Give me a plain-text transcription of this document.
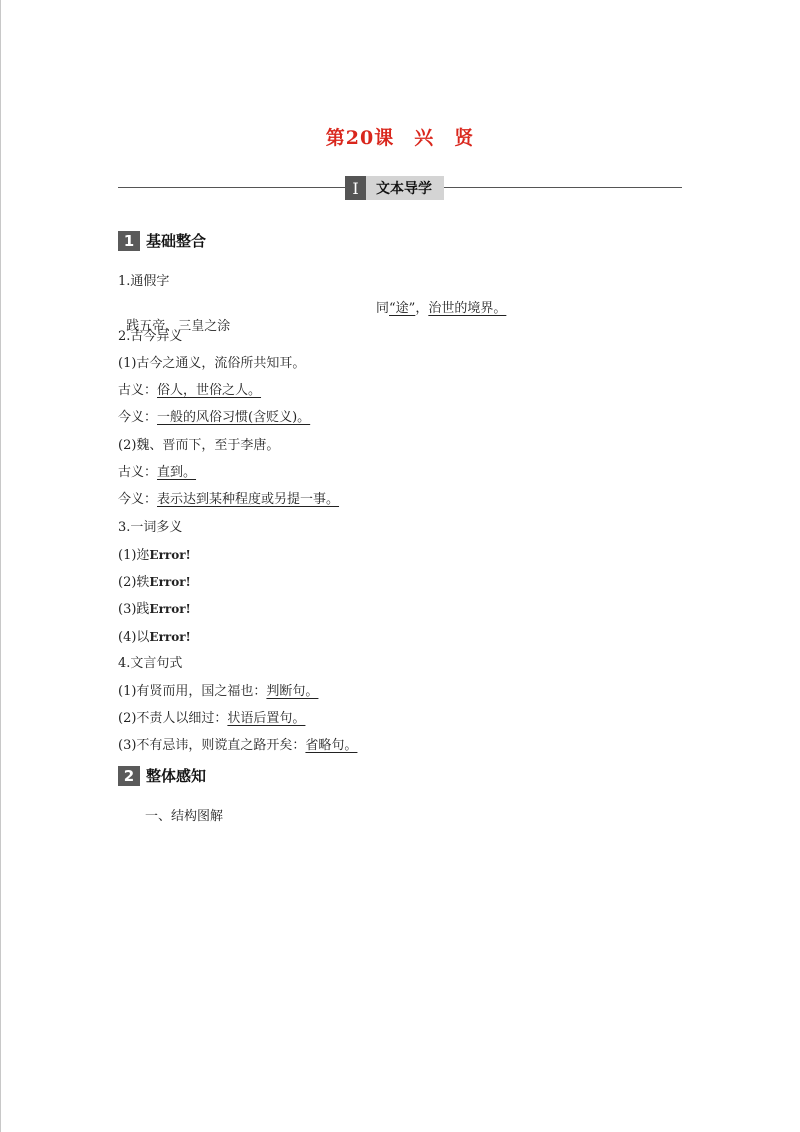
第20课　兴　贤
Ⅰ	文本导学
1 基础整合
1.通假字

践五帝、三皇之涂

同“途”，治世的境界。

2.古今异义
(1)古今之通义，流俗所共知耳。
古义：俗人，世俗之人。
今义：一般的风俗习惯(含贬义)。
(2)魏、晋而下，至于李唐。
古义：直到。
今义：表示达到某种程度或另提一事。
3.一词多义
(1)迩Error!
(2)轶Error!
(3)践Error!
(4)以Error!
4.文言句式
(1)有贤而用，国之福也：判断句。
(2)不责人以细过：状语后置句。
(3)不有忌讳，则谠直之路开矣：省略句。
2 整体感知
一、结构图解
